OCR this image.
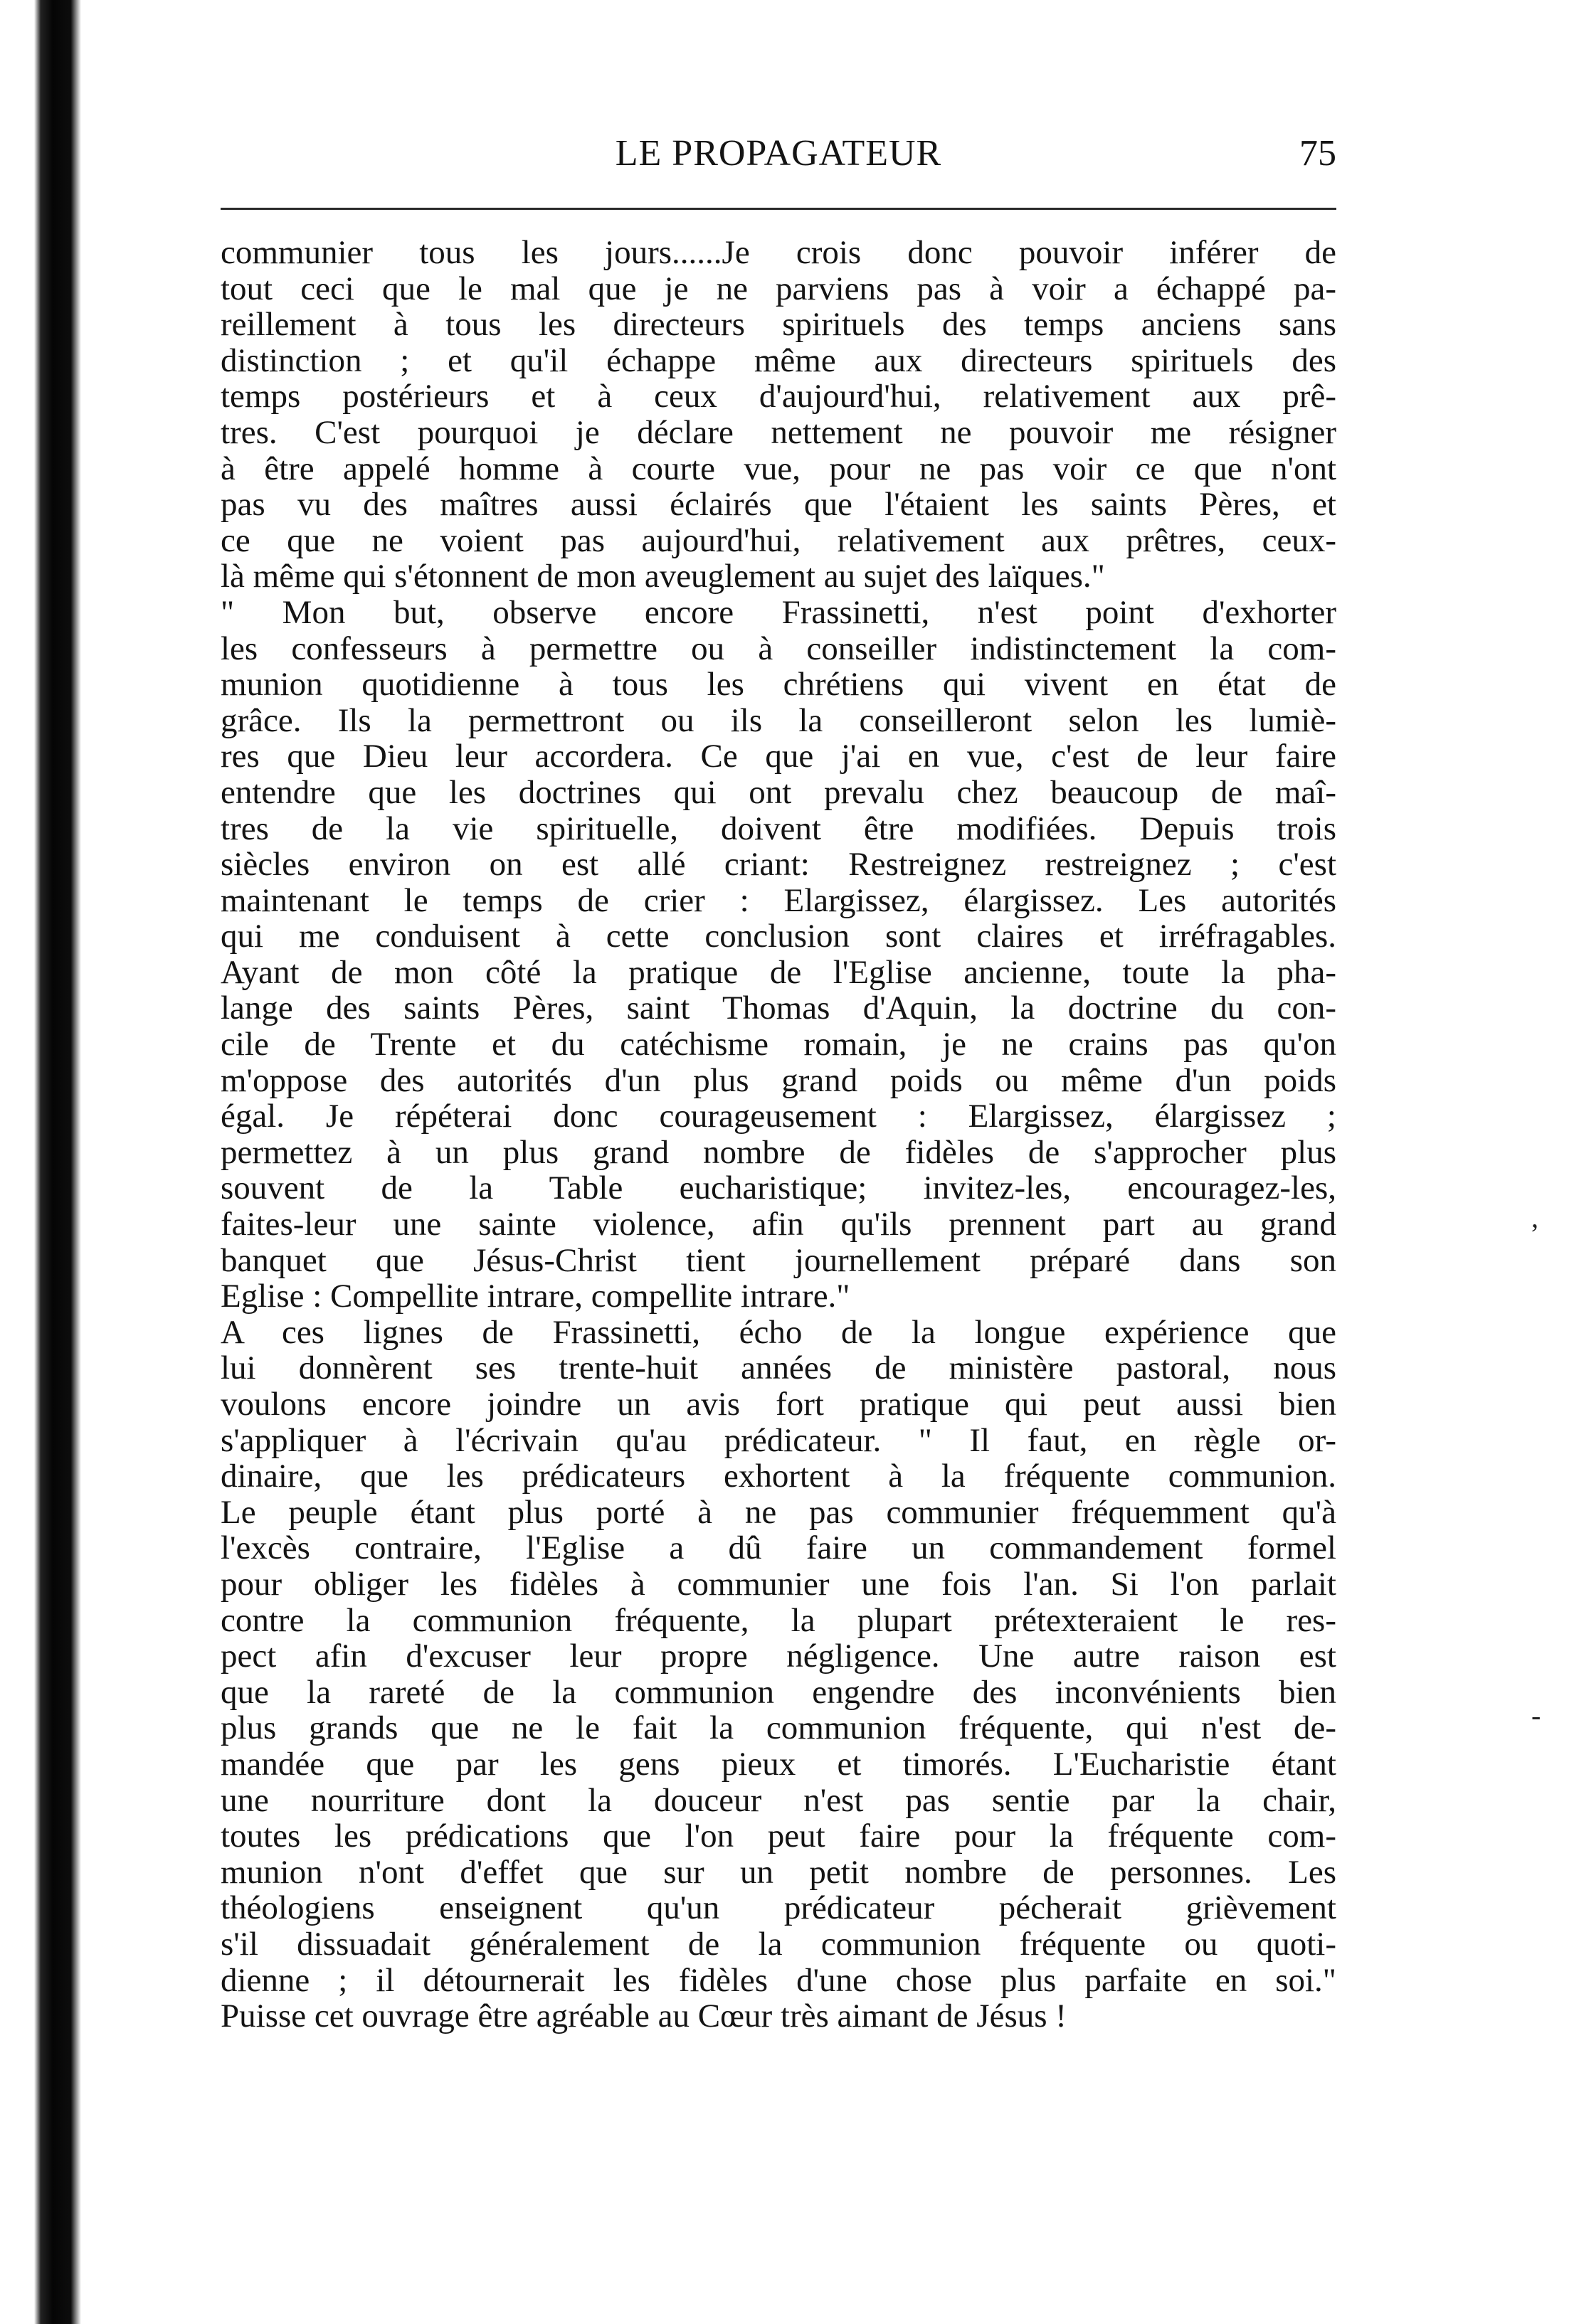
LE PROPAGATEUR	75
communier tous les jours......Je crois donc pouvoir inférer de
tout ceci que le mal que je ne parviens pas à voir a échappé pa-
reillement à tous les directeurs spirituels des temps anciens sans
distinction ; et qu'il échappe même aux directeurs spirituels des
temps postérieurs et à ceux d'aujourd'hui, relativement aux prê-
tres. C'est pourquoi je déclare nettement ne pouvoir me résigner
à être appelé homme à courte vue, pour ne pas voir ce que n'ont
pas vu des maîtres aussi éclairés que l'étaient les saints Pères, et
ce que ne voient pas aujourd'hui, relativement aux prêtres, ceux-
là même qui s'étonnent de mon aveuglement au sujet des laïques."
" Mon but, observe encore Frassinetti, n'est point d'exhorter
les confesseurs à permettre ou à conseiller indistinctement la com-
munion quotidienne à tous les chrétiens qui vivent en état de
grâce. Ils la permettront ou ils la conseilleront selon les lumiè-
res que Dieu leur accordera. Ce que j'ai en vue, c'est de leur faire
entendre que les doctrines qui ont prevalu chez beaucoup de maî-
tres de la vie spirituelle, doivent être modifiées. Depuis trois
siècles environ on est allé criant: Restreignez restreignez ; c'est
maintenant le temps de crier : Elargissez, élargissez. Les autorités
qui me conduisent à cette conclusion sont claires et irréfragables.
Ayant de mon côté la pratique de l'Eglise ancienne, toute la pha-
lange des saints Pères, saint Thomas d'Aquin, la doctrine du con-
cile de Trente et du catéchisme romain, je ne crains pas qu'on
m'oppose des autorités d'un plus grand poids ou même d'un poids
égal. Je répéterai donc courageusement : Elargissez, élargissez ;
permettez à un plus grand nombre de fidèles de s'approcher plus
souvent de la Table eucharistique; invitez-les, encouragez-les,
faites-leur une sainte violence, afin qu'ils prennent part au grand
banquet que Jésus-Christ tient journellement préparé dans son
Eglise : Compellite intrare, compellite intrare."
A ces lignes de Frassinetti, écho de la longue expérience que
lui donnèrent ses trente-huit années de ministère pastoral, nous
voulons encore joindre un avis fort pratique qui peut aussi bien
s'appliquer à l'écrivain qu'au prédicateur. " Il faut, en règle or-
dinaire, que les prédicateurs exhortent à la fréquente communion.
Le peuple étant plus porté à ne pas communier fréquemment qu'à
l'excès contraire, l'Eglise a dû faire un commandement formel
pour obliger les fidèles à communier une fois l'an. Si l'on parlait
contre la communion fréquente, la plupart prétexteraient le res-
pect afin d'excuser leur propre négligence. Une autre raison est
que la rareté de la communion engendre des inconvénients bien
plus grands que ne le fait la communion fréquente, qui n'est de-
mandée que par les gens pieux et timorés. L'Eucharistie étant
une nourriture dont la douceur n'est pas sentie par la chair,
toutes les prédications que l'on peut faire pour la fréquente com-
munion n'ont d'effet que sur un petit nombre de personnes. Les
théologiens enseignent qu'un prédicateur pécherait grièvement
s'il dissuadait généralement de la communion fréquente ou quoti-
dienne ; il détournerait les fidèles d'une chose plus parfaite en soi."
Puisse cet ouvrage être agréable au Cœur très aimant de Jésus !
,
-
